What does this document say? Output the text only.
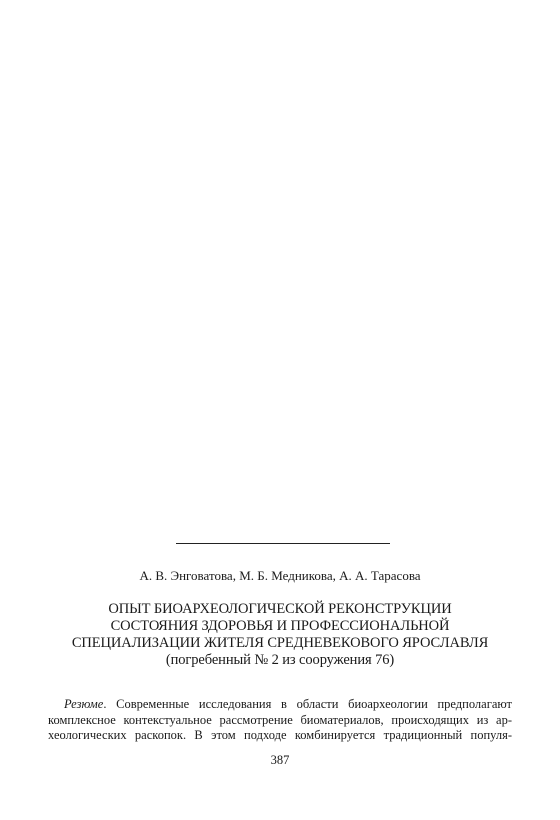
А. В. Энговатова, М. Б. Медникова, А. А. Тарасова
ОПЫТ БИОАРХЕОЛОГИЧЕСКОЙ РЕКОНСТРУКЦИИ
СОСТОЯНИЯ ЗДОРОВЬЯ И ПРОФЕССИОНАЛЬНОЙ
СПЕЦИАЛИЗАЦИИ ЖИТЕЛЯ СРЕДНЕВЕКОВОГО ЯРОСЛАВЛЯ
(погребенный № 2 из сооружения 76)
Резюме. Современные исследования в области биоархеологии предполагают
комплексное контекстуальное рассмотрение биоматериалов, происходящих из ар-
хеологических раскопок. В этом подходе комбинируется традиционный популя-
387
